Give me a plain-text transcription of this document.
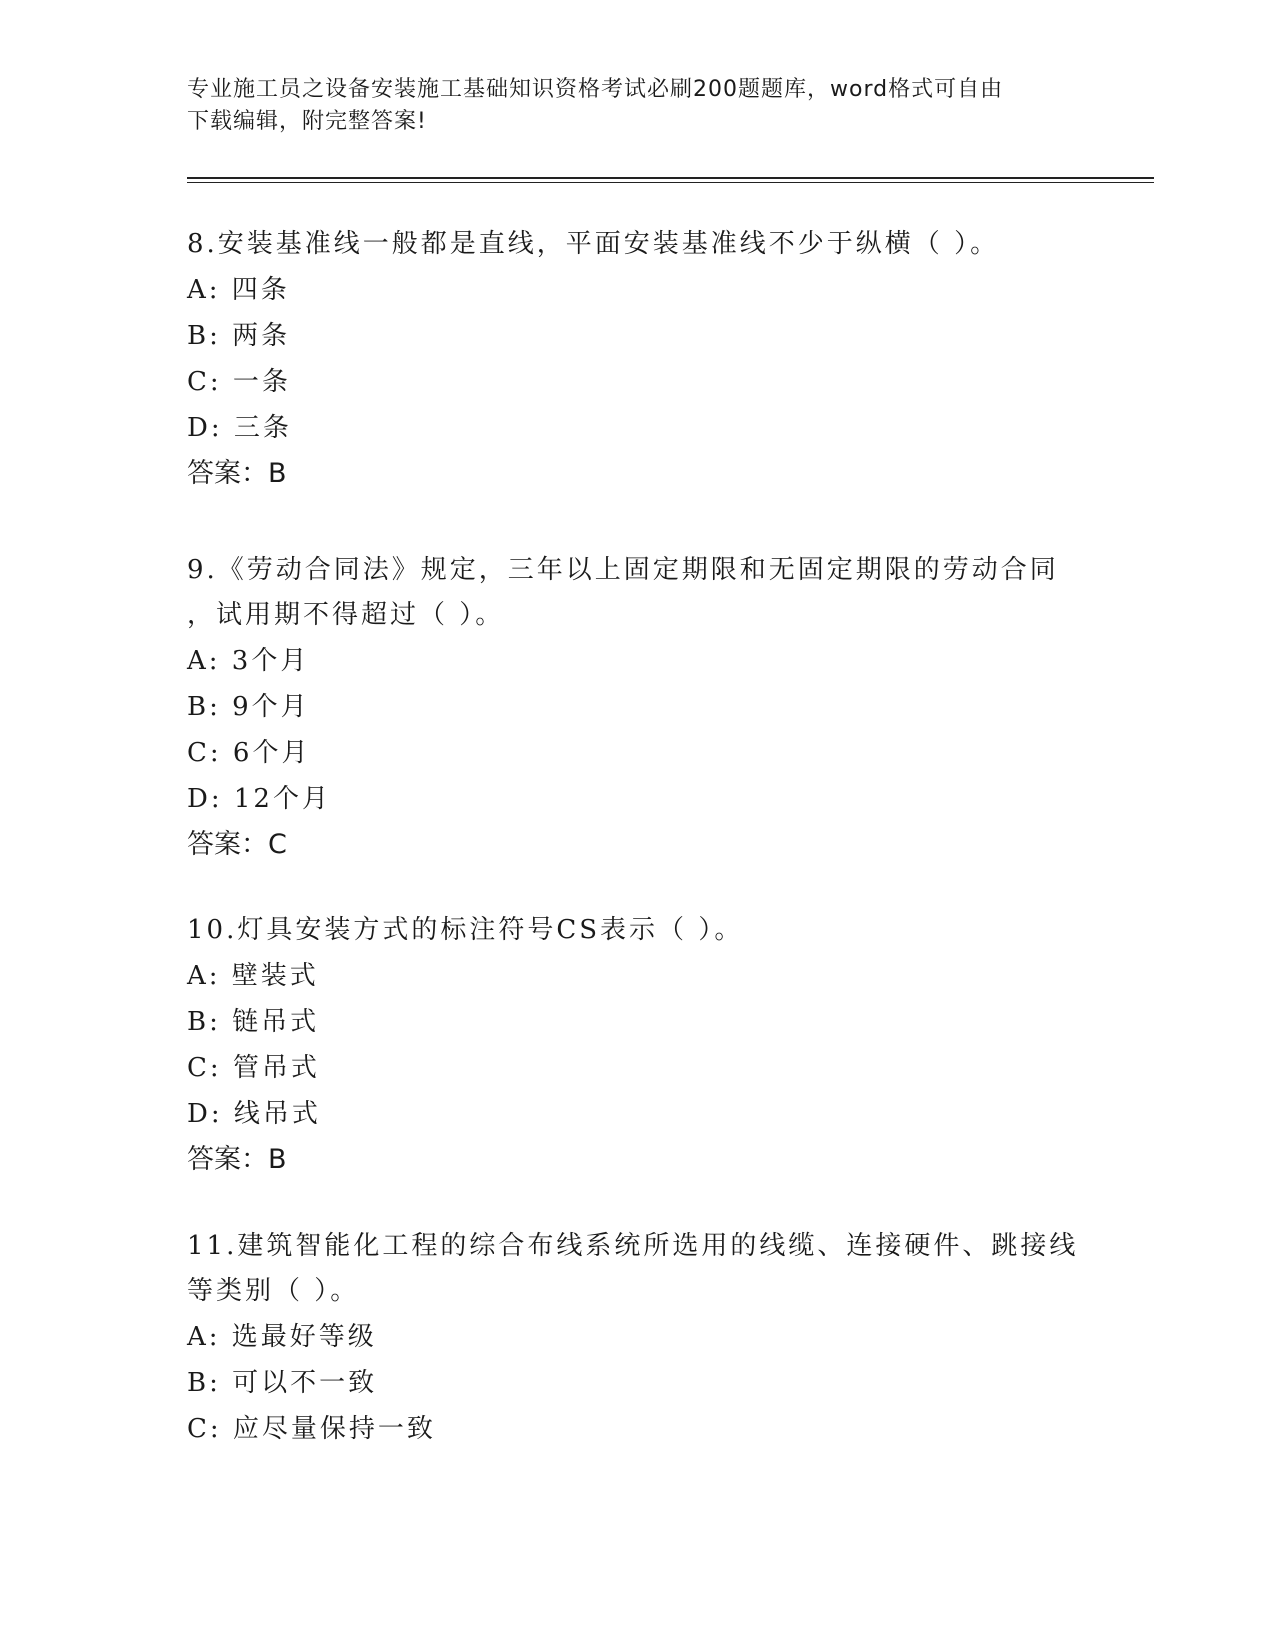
专业施工员之设备安装施工基础知识资格考试必刷200题题库，word格式可自由
下载编辑，附完整答案!
8.安装基准线一般都是直线，平面安装基准线不少于纵横（ ）。
A: 四条
B: 两条
C: 一条
D: 三条
答案：B
9.《劳动合同法》规定，三年以上固定期限和无固定期限的劳动合同
，试用期不得超过（ ）。
A: 3个月
B: 9个月
C: 6个月
D: 12个月
答案：C
10.灯具安装方式的标注符号CS表示（ ）。
A: 壁装式
B: 链吊式
C: 管吊式
D: 线吊式
答案：B
11.建筑智能化工程的综合布线系统所选用的线缆、连接硬件、跳接线
等类别（ ）。
A: 选最好等级
B: 可以不一致
C: 应尽量保持一致
